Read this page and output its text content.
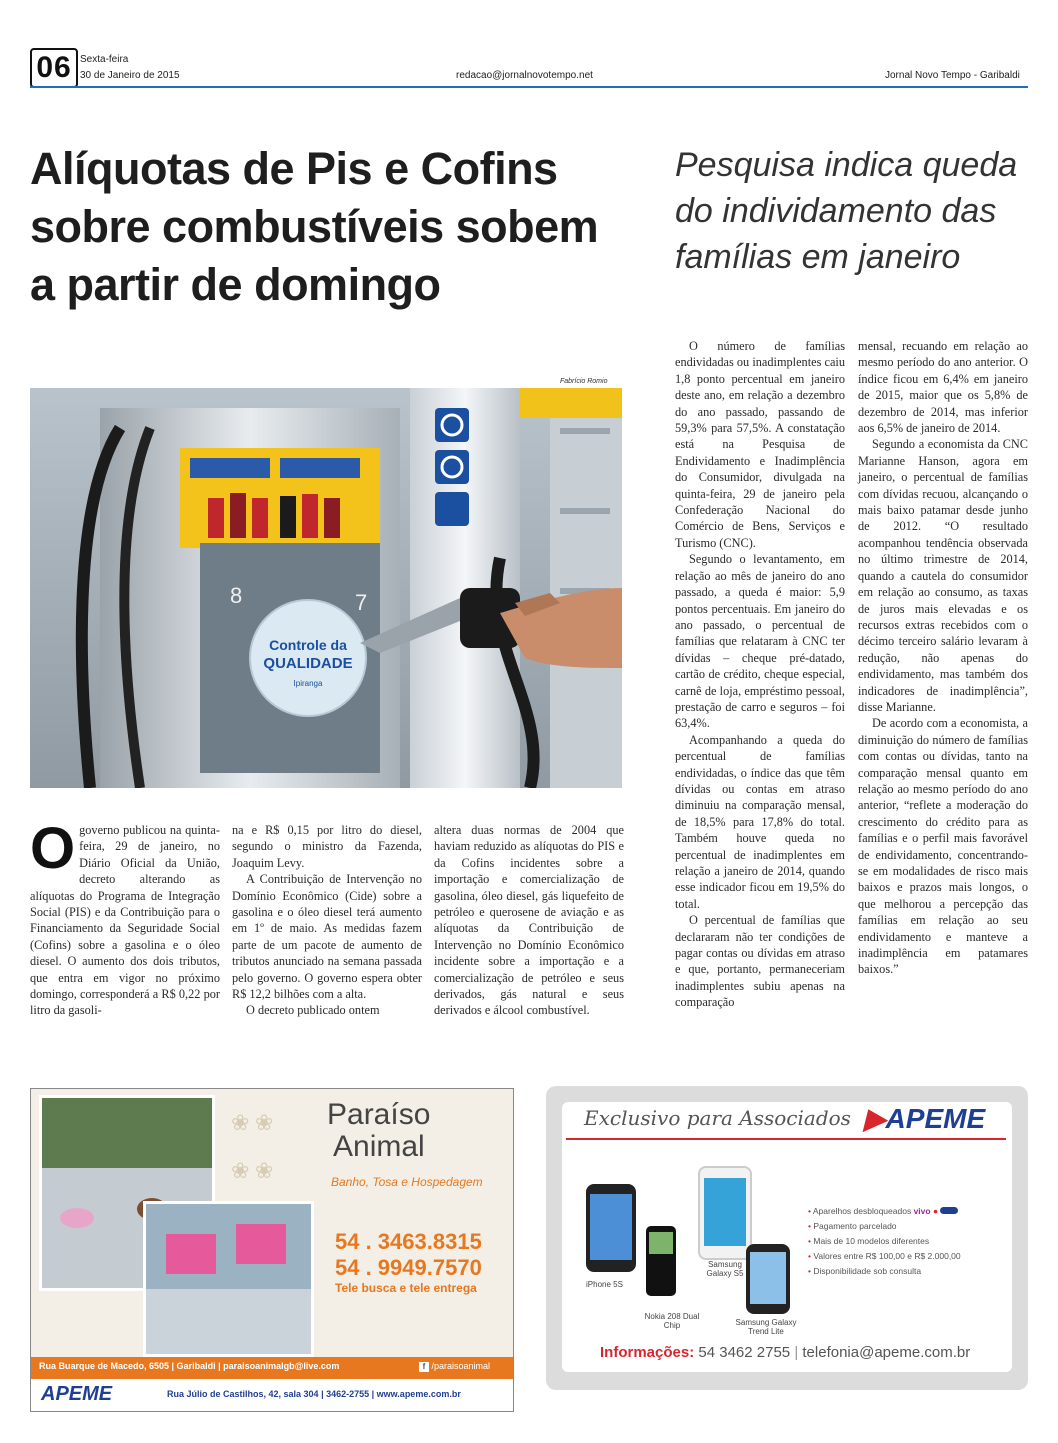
06 Sexta-feira
30 de Janeiro de 2015	redacao@jornalnovotempo.net	Jornal Novo Tempo - Garibaldi
Alíquotas de Pis e Cofins
sobre combustíveis sobem
a partir de domingo
Pesquisa indica queda
do individamento das
famílias em janeiro
Fabrício Romio
8	7
Controle da
QUALIDADE
Ipiranga

Ogoverno publicou na quinta-feira, 29 de janeiro, no Diário Oficial da União, decreto alterando as alíquotas do Programa de Integração Social (PIS) e da Contribuição para o Financiamento da Seguridade Social (Cofins) sobre a gasolina e o óleo diesel. O aumento dos dois tributos, que entra em vigor no próximo domingo, corresponderá a R$ 0,22 por litro da gasoli-

na e R$ 0,15 por litro do diesel, segundo o ministro da Fazenda, Joaquim Levy.

A Contribuição de Intervenção no Domínio Econômico (Cide) sobre a gasolina e o óleo diesel terá aumento em 1º de maio. As medidas fazem parte de um pacote de aumento de tributos anunciado na semana passada pelo governo. O governo espera obter R$ 12,2 bilhões com a alta.

O decreto publicado ontem

altera duas normas de 2004 que haviam reduzido as alíquotas do PIS e da Cofins incidentes sobre a importação e comercialização de gasolina, óleo diesel, gás liquefeito de petróleo e querosene de aviação e as alíquotas da Contribuição de Intervenção no Domínio Econômico incidente sobre a importação e a comercialização de petróleo e seus derivados, gás natural e seus derivados e álcool combustível.

O número de famílias endividadas ou inadimplentes caiu 1,8 ponto percentual em janeiro deste ano, em relação a dezembro do ano passado, passando de 59,3% para 57,5%. A constatação está na Pesquisa de Endividamento e Inadimplência do Consumidor, divulgada na quinta-feira, 29 de janeiro pela Confederação Nacional do Comércio de Bens, Serviços e Turismo (CNC).

Segundo o levantamento, em relação ao mês de janeiro do ano passado, a queda é maior: 5,9 pontos percentuais. Em janeiro do ano passado, o percentual de famílias que relataram à CNC ter dívidas – cheque pré-datado, cartão de crédito, cheque especial, carnê de loja, empréstimo pessoal, prestação de carro e seguros – foi 63,4%.

Acompanhando a queda do percentual de famílias endividadas, o índice das que têm dívidas ou contas em atraso diminuiu na comparação mensal, de 18,5% para 17,8% do total. Também houve queda no percentual de inadimplentes em relação a janeiro de 2014, quando esse indicador ficou em 19,5% do total.

O percentual de famílias que declararam não ter condições de pagar contas ou dívidas em atraso e que, portanto, permaneceriam inadimplentes subiu apenas na comparação

mensal, recuando em relação ao mesmo período do ano anterior. O índice ficou em 6,4% em janeiro de 2015, maior que os 5,8% de dezembro de 2014, mas inferior aos 6,5% de janeiro de 2014.

Segundo a economista da CNC Marianne Hanson, agora em janeiro, o percentual de famílias com dívidas recuou, alcançando o mais baixo patamar desde junho de 2012. “O resultado acompanhou tendência observada no último trimestre de 2014, quando a cautela do consumidor em relação ao consumo, as taxas de juros mais elevadas e os recursos extras recebidos com o décimo terceiro salário levaram à redução, não apenas do endividamento, mas também dos indicadores de inadimplência”, disse Marianne.

De acordo com a economista, a diminuição do número de famílias com contas ou dívidas, tanto na comparação mensal quanto em relação ao mesmo período do ano anterior, “reflete a moderação do crescimento do crédito para as famílias e o perfil mais favorável de endividamento, concentrando-se em modalidades de risco mais baixos e prazos mais longos, o que melhorou a percepção das famílias em relação ao seu endividamento e manteve a inadimplência em patamares baixos.”

❀ ❀
❀ ❀

Paraíso
Animal
Banho, Tosa e Hospedagem
54 . 3463.8315
54 . 9949.7570
Tele busca e tele entrega
Rua Buarque de Macedo, 6505 | Garibaldi | paraisoanimalgb@live.com	f /paraisoanimal
APEME	Rua Júlio de Castilhos, 42, sala 304 | 3462-2755 | www.apeme.com.br
Exclusivo para Associados ▶APEME
iPhone 5S
Nokia 208 Dual Chip
Samsung Galaxy S5
Samsung Galaxy Trend Lite
• Aparelhos desbloqueados vivo ●
• Pagamento parcelado
• Mais de 10 modelos diferentes
• Valores entre R$ 100,00 e R$ 2.000,00
• Disponibilidade sob consulta
Informações: 54 3462 2755 | telefonia@apeme.com.br
